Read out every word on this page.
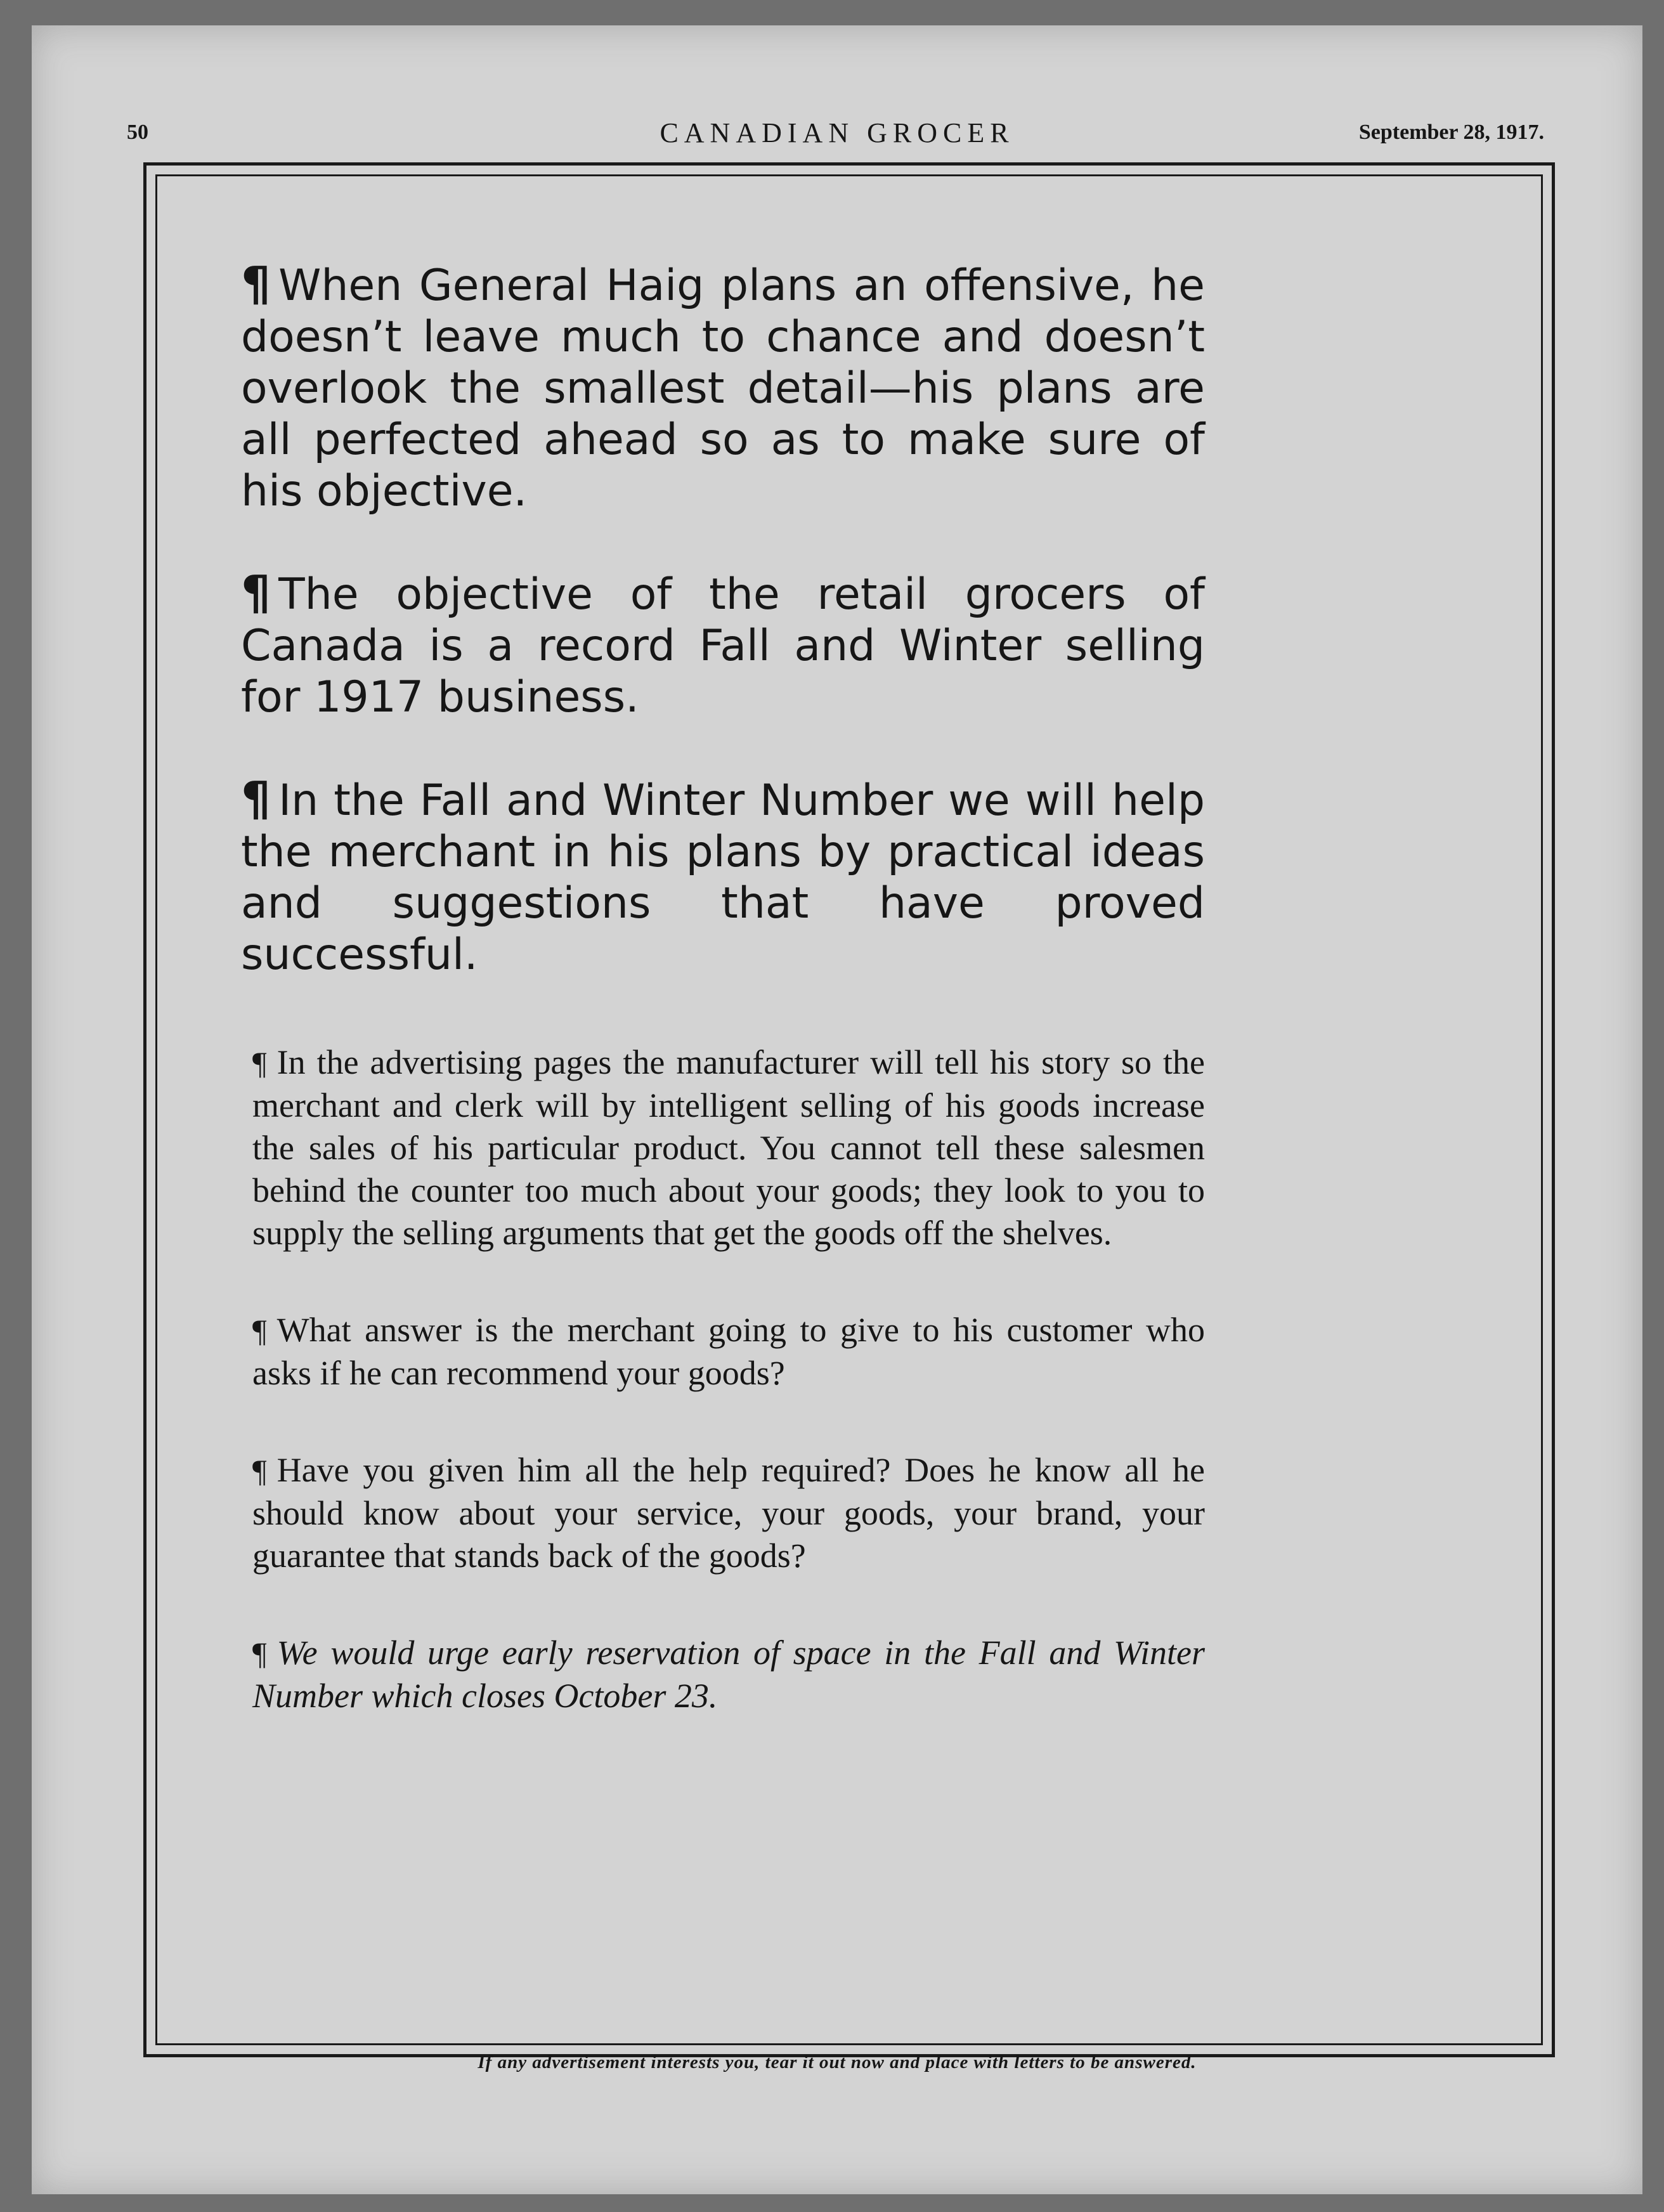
50	CANADIAN GROCER	September 28, 1917.

¶ When General Haig plans an offensive, he doesn’t leave much to chance and doesn’t overlook the smallest detail—his plans are all perfected ahead so as to make sure of his objective.

¶ The objective of the retail grocers of Canada is a record Fall and Winter selling for 1917 business.

¶ In the Fall and Winter Number we will help the merchant in his plans by practical ideas and suggestions that have proved successful.

¶ In the advertising pages the manufacturer will tell his story so the merchant and clerk will by intelligent selling of his goods increase the sales of his particular product. You cannot tell these salesmen behind the counter too much about your goods; they look to you to supply the selling arguments that get the goods off the shelves.

¶ What answer is the merchant going to give to his customer who asks if he can recommend your goods?

¶ Have you given him all the help required? Does he know all he should know about your service, your goods, your brand, your guarantee that stands back of the goods?

¶ We would urge early reservation of space in the Fall and Winter Number which closes October 23.

If any advertisement interests you, tear it out now and place with letters to be answered.
